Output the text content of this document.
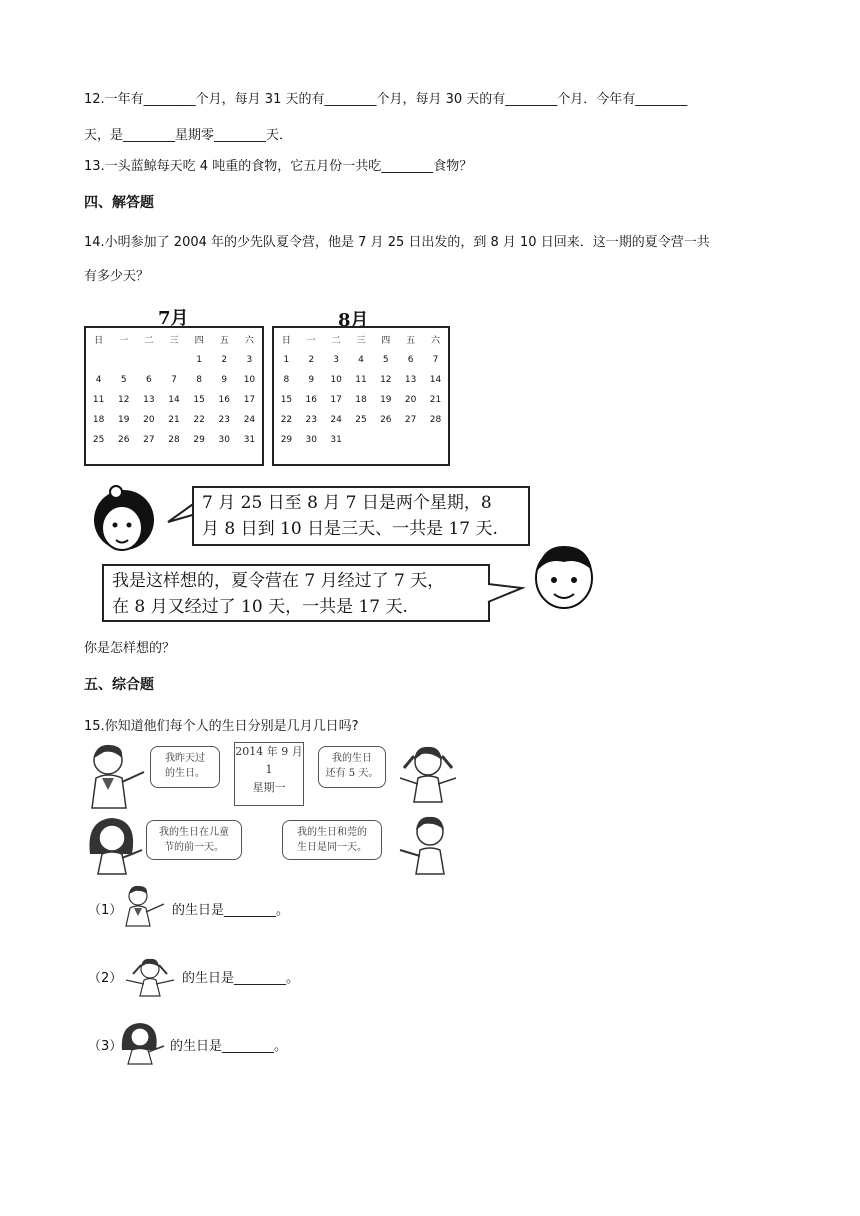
12.一年有________个月，每月 31 天的有________个月，每月 30 天的有________个月．今年有________
天，是________星期零________天．
13.一头蓝鲸每天吃 4 吨重的食物，它五月份一共吃________食物？
四、解答题
14.小明参加了 2004 年的少先队夏令营，他是 7 月 25 日出发的，到 8 月 10 日回来．这一期的夏令营一共
有多少天？
7月
日	一	二	三	四	五	六
				1	2	3
4	5	6	7	8	9	10
11	12	13	14	15	16	17
18	19	20	21	22	23	24
25	26	27	28	29	30	31
8月
日	一	二	三	四	五	六
1	2	3	4	5	6	7
8	9	10	11	12	13	14
15	16	17	18	19	20	21
22	23	24	25	26	27	28
29	30	31				
7 月 25 日至 8 月 7 日是两个星期，8
月 8 日到 10 日是三天、一共是 17 天.
我是这样想的，夏令营在 7 月经过了 7 天，
在 8 月又经过了 10 天，一共是 17 天.
你是怎样想的？
五、综合题
15.你知道他们每个人的生日分别是几月几日吗?
我昨天过
的生日。
2014 年 9 月
1
星期一
我的生日
还有 5 天。
我的生日在儿童
节的前一天。
我的生日和莞的
生日是同一天。
（1）	的生日是________。
（2）	的生日是________。
（3）	的生日是________。
